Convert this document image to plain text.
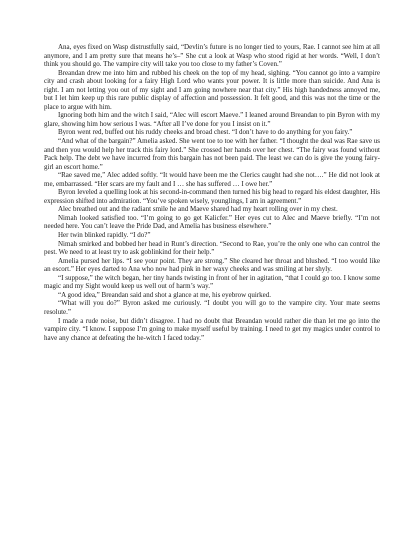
Ana, eyes fixed on Wasp distrustfully said, “Devlin’s future is no longer tied to yours, Rae. I cannot see him at all anymore, and I am pretty sure that means he’s–” She cut a look at Wasp who stood rigid at her words. “Well, I don’t think you should go. The vampire city will take you too close to my father’s Coven.”

Breandan drew me into him and rubbed his cheek on the top of my head, sighing. “You cannot go into a vampire city and crash about looking for a fairy High Lord who wants your power. It is little more than suicide. And Ana is right. I am not letting you out of my sight and I am going nowhere near that city.” His high handedness annoyed me, but I let him keep up this rare public display of affection and possession. It felt good, and this was not the time or the place to argue with him.

Ignoring both him and the witch I said, “Alec will escort Maeve.” I leaned around Breandan to pin Byron with my glare, showing him how serious I was. “After all I’ve done for you I insist on it.”

Byron went red, buffed out his ruddy cheeks and broad chest. “I don’t have to do anything for you fairy.”

“And what of the bargain?” Amelia asked. She went toe to toe with her father. “I thought the deal was Rae save us and then you would help her track this fairy lord.” She crossed her hands over her chest. “The fairy was found without Pack help. The debt we have incurred from this bargain has not been paid. The least we can do is give the young fairy-girl an escort home.”

“Rae saved me,” Alec added softly. “It would have been me the Clerics caught had she not….” He did not look at me, embarrassed. “Her scars are my fault and I … she has suffered … I owe her.”

Byron leveled a quelling look at his second-in-command then turned his big head to regard his eldest daughter, His expression shifted into admiration. “You’ve spoken wisely, younglings, I am in agreement.”

Alec breathed out and the radiant smile he and Maeve shared had my heart rolling over in my chest.

Nimah looked satisfied too. “I’m going to go get Kalicfer.” Her eyes cut to Alec and Maeve briefly. “I’m not needed here. You can’t leave the Pride Dad, and Amelia has business elsewhere.”

Her twin blinked rapidly. “I do?”

Nimah smirked and bobbed her head in Runt’s direction. “Second to Rae, you’re the only one who can control the pest. We need to at least try to ask goblinkind for their help.”

Amelia pursed her lips. “I see your point. They are strong.” She cleared her throat and blushed. “I too would like an escort.” Her eyes darted to Ana who now had pink in her waxy cheeks and was smiling at her shyly.

“I suppose,” the witch began, her tiny hands twisting in front of her in agitation, “that I could go too. I know some magic and my Sight would keep us well out of harm’s way.”

“A good idea,” Breandan said and shot a glance at me, his eyebrow quirked.

“What will you do?” Byron asked me curiously. “I doubt you will go to the vampire city. Your mate seems resolute.”

I made a rude noise, but didn’t disagree. I had no doubt that Breandan would rather die than let me go into the vampire city. “I know. I suppose I’m going to make myself useful by training. I need to get my magics under control to have any chance at defeating the he-witch I faced today.”
